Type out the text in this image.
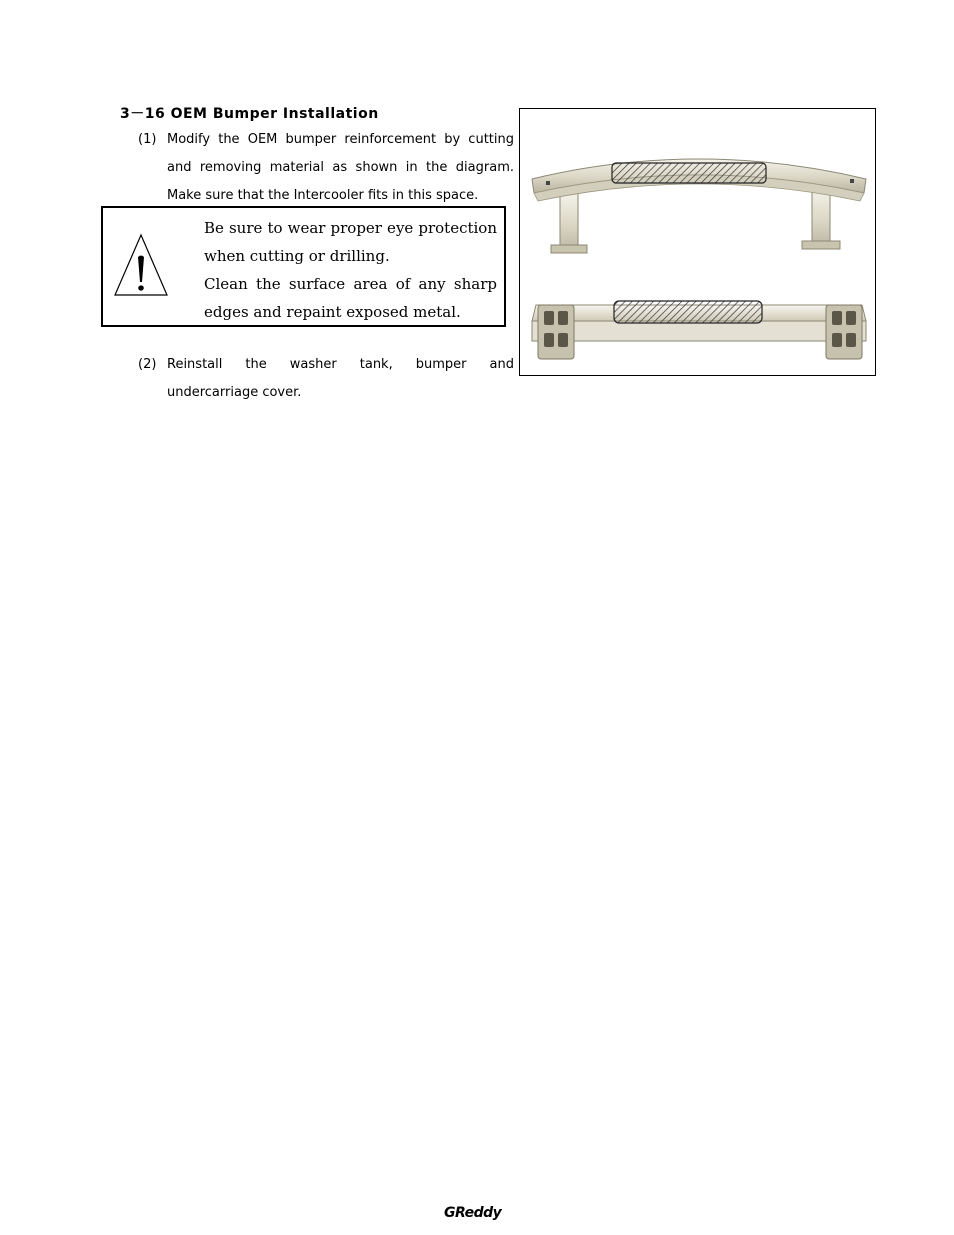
3－16 OEM Bumper Installation
(1) Modify the OEM bumper reinforcement by cutting and removing material as shown in the diagram. Make sure that the Intercooler fits in this space.

Be sure to wear proper eye protection when cutting or drilling.

Clean the surface area of any sharp edges and repaint exposed metal.

(2) Reinstall the washer tank, bumper and
undercarriage cover.
GReddy
